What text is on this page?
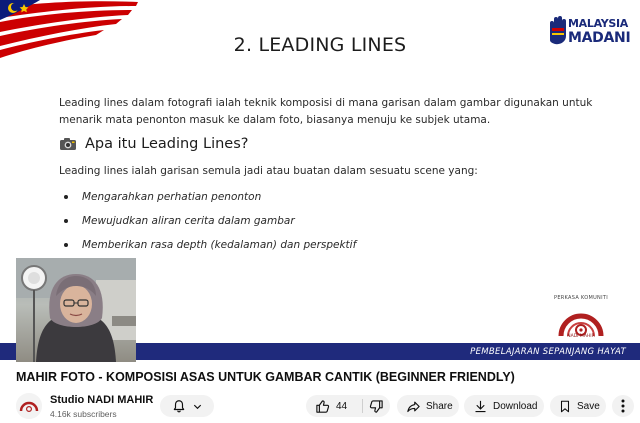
MALAYSIA
MADANI
2. LEADING LINES
Leading lines dalam fotografi ialah teknik komposisi di mana garisan dalam gambar digunakan untuk
menarik mata penonton masuk ke dalam foto, biasanya menuju ke subjek utama.
Apa itu Leading Lines?
Leading lines ialah garisan semula jadi atau buatan dalam sesuatu scene yang:
Mengarahkan perhatian penonton
Mewujudkan aliran cerita dalam gambar
Memberikan rasa depth (kedalaman) dan perspektif
PERKASA KOMUNITI
NADI MAHIR
PEMBELAJARAN SEPANJANG HAYAT
MAHIR FOTO - KOMPOSISI ASAS UNTUK GAMBAR CANTIK (BEGINNER FRIENDLY)
Studio NADI MAHIR
4.16k subscribers
44	Share	Download	Save
